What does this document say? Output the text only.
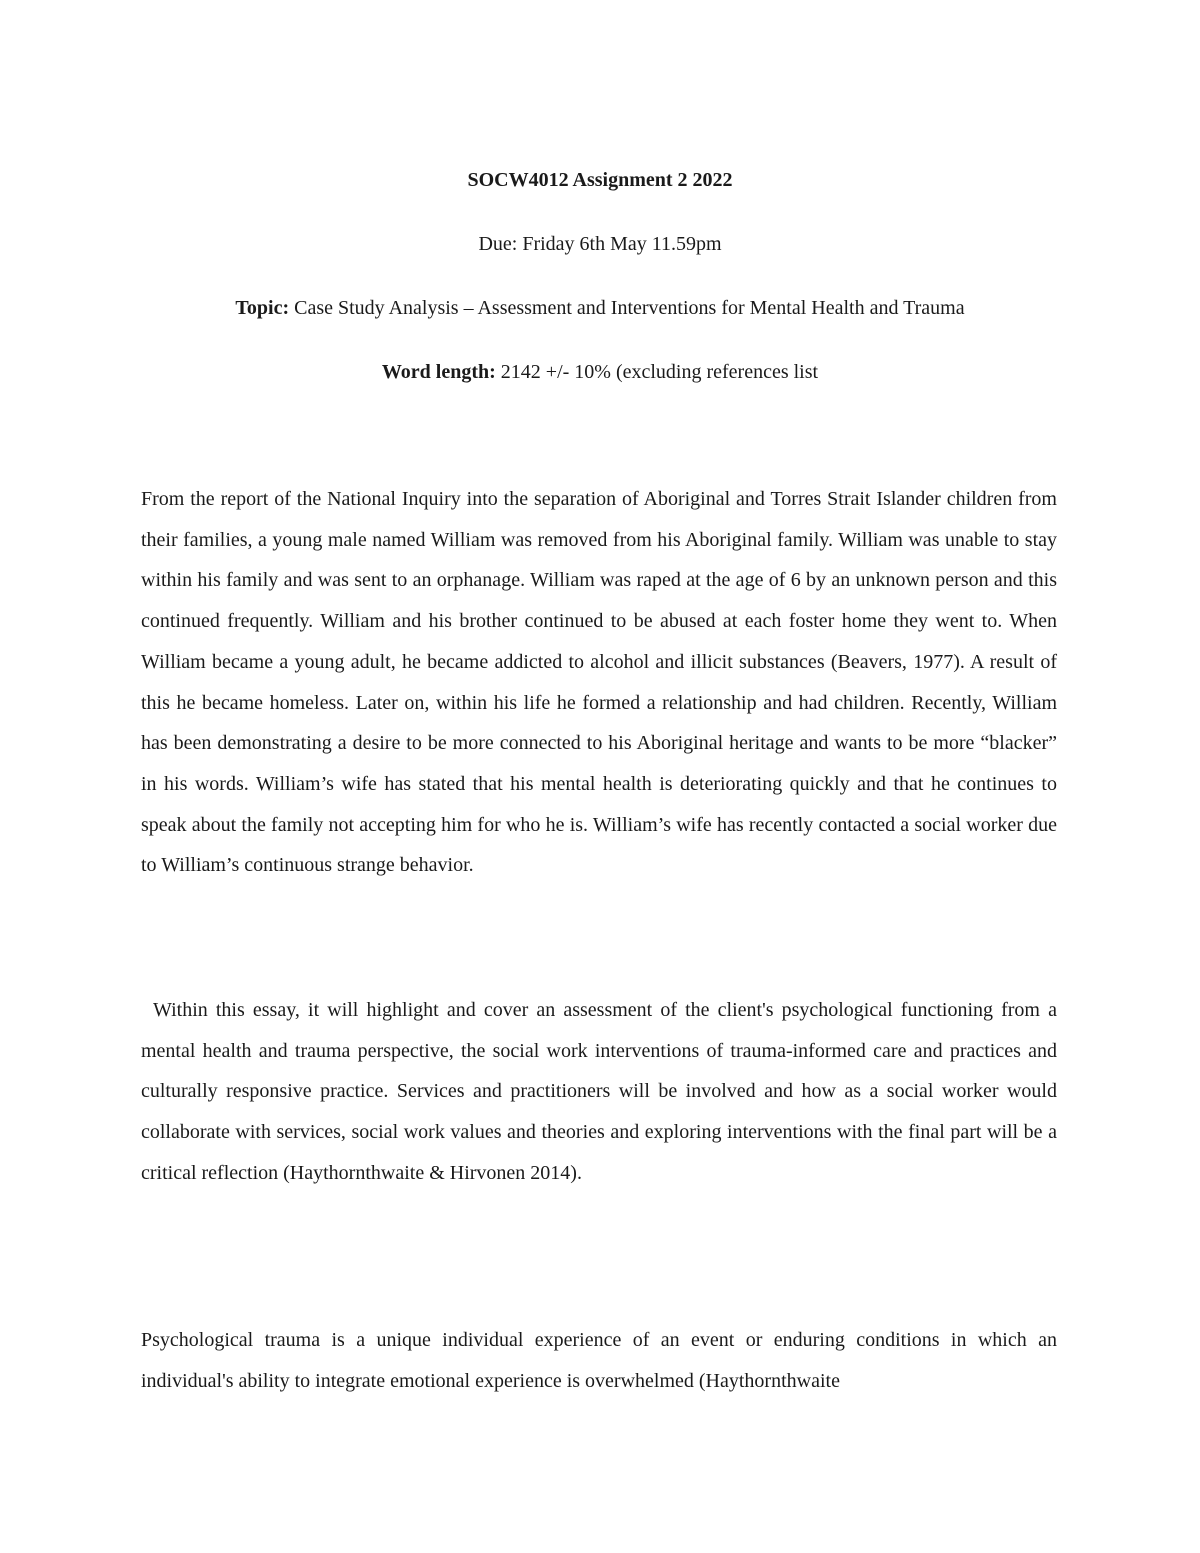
SOCW4012 Assignment 2 2022
Due: Friday 6th May 11.59pm
Topic: Case Study Analysis – Assessment and Interventions for Mental Health and Trauma
Word length: 2142 +/- 10% (excluding references list

From the report of the National Inquiry into the separation of Aboriginal and Torres Strait Islander children from their families, a young male named William was removed from his Aboriginal family. William was unable to stay within his family and was sent to an orphanage. William was raped at the age of 6 by an unknown person and this continued frequently. William and his brother continued to be abused at each foster home they went to. When William became a young adult, he became addicted to alcohol and illicit substances (Beavers, 1977). A result of this he became homeless. Later on, within his life he formed a relationship and had children. Recently, William has been demonstrating a desire to be more connected to his Aboriginal heritage and wants to be more “blacker” in his words. William’s wife has stated that his mental health is deteriorating quickly and that he continues to speak about the family not accepting him for who he is. William’s wife has recently contacted a social worker due to William’s continuous strange behavior.

Within this essay, it will highlight and cover an assessment of the client's psychological functioning from a mental health and trauma perspective, the social work interventions of trauma-informed care and practices and culturally responsive practice. Services and practitioners will be involved and how as a social worker would collaborate with services, social work values and theories and exploring interventions with the final part will be a critical reflection (Haythornthwaite & Hirvonen 2014).

Psychological trauma is a unique individual experience of an event or enduring conditions in which an individual's ability to integrate emotional experience is overwhelmed (Haythornthwaite
